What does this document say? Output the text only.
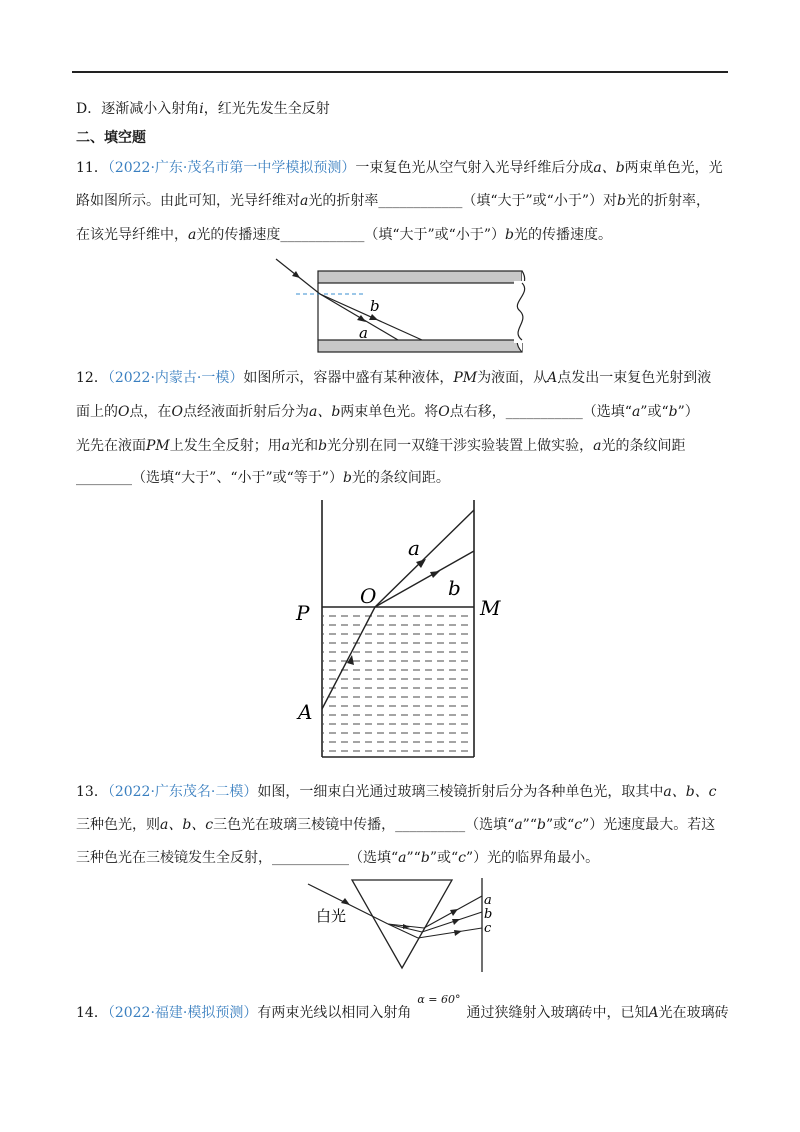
D．逐渐减小入射角i，红光先发生全反射
二、填空题
11．（2022·广东·茂名市第一中学模拟预测）一束复色光从空气射入光导纤维后分成a、b两束单色光，光
路如图所示。由此可知，光导纤维对a光的折射率____________（填“大于”或“小于”）对b光的折射率，
在该光导纤维中，a光的传播速度____________（填“大于”或“小于”）b光的传播速度。
b
a
12．（2022·内蒙古·一模）如图所示，容器中盛有某种液体，PM为液面，从A点发出一束复色光射到液
面上的O点，在O点经液面折射后分为a、b两束单色光。将O点右移，___________（选填“a”或“b”）
光先在液面PM上发生全反射；用a光和b光分别在同一双缝干涉实验装置上做实验，a光的条纹间距
________（选填“大于”、“小于”或“等于”）b光的条纹间距。
P
O	M
A
a
b
13．（2022·广东茂名·二模）如图，一细束白光通过玻璃三棱镜折射后分为各种单色光，取其中a、b、c
三种色光，则a、b、c三色光在玻璃三棱镜中传播，__________（选填“a”“b”或“c”）光速度最大。若这
三种色光在三棱镜发生全反射，___________（选填“a”“b”或“c”）光的临界角最小。
白光
a
b
c
14．（2022·福建·模拟预测）有两束光线以相同入射角$^{\alpha = 60^\circ}$通过狭缝射入玻璃砖中，已知A光在玻璃砖
